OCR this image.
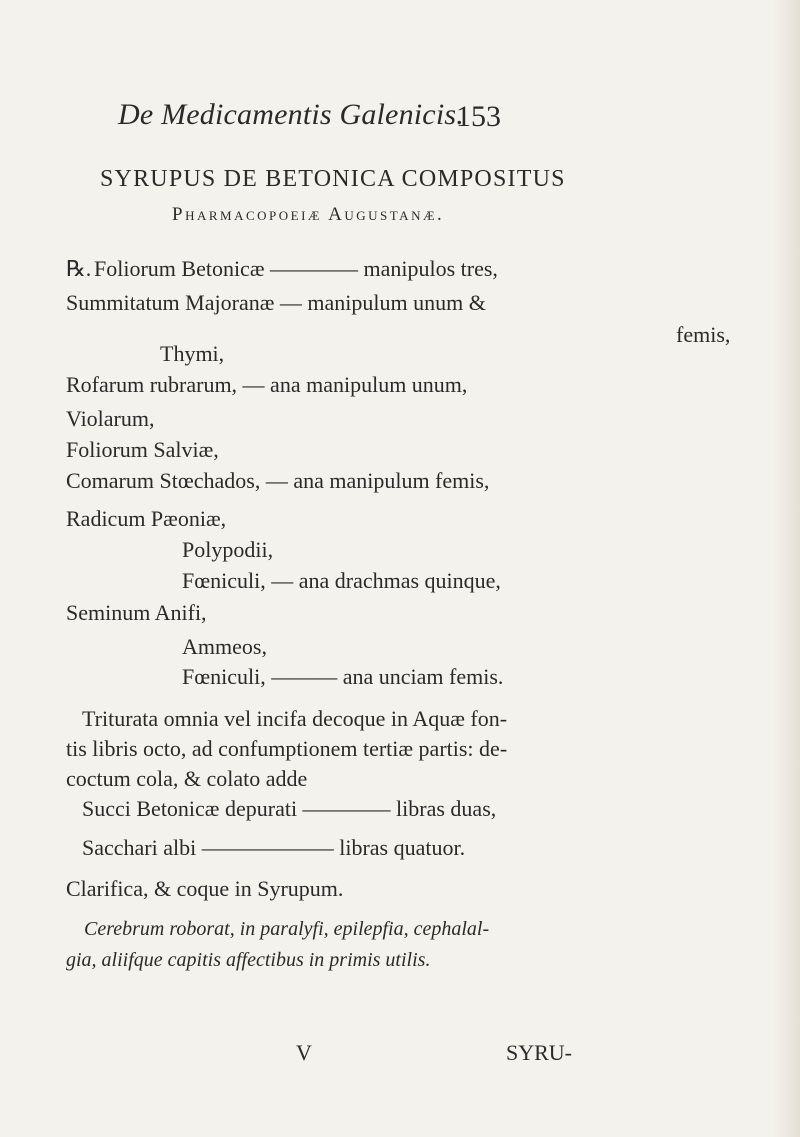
De Medicamentis Galenicis.
153
SYRUPUS DE BETONICA COMPOSITUS
Pharmacopoeiæ Augustanæ.
℞. Foliorum Betonicæ ———— manipulos tres,
Summitatum Majoranæ — manipulum unum &
femis,
Thymi,
Rofarum rubrarum, — ana manipulum unum,
Violarum,
Foliorum Salviæ,
Comarum Stœchados, — ana manipulum femis,
Radicum Pæoniæ,
Polypodii,
Fœniculi, — ana drachmas quinque,
Seminum Anifi,
Ammeos,
Fœniculi, ——— ana unciam femis.
Triturata omnia vel incifa decoque in Aquæ fon-
tis libris octo, ad confumptionem tertiæ partis: de-
coctum cola, & colato adde
Succi Betonicæ depurati ———— libras duas,
Sacchari albi —————— libras quatuor.
Clarifica, & coque in Syrupum.
Cerebrum roborat, in paralyfi, epilepfia, cephalal-
gia, aliifque capitis affectibus in primis utilis.
V	SYRU-
